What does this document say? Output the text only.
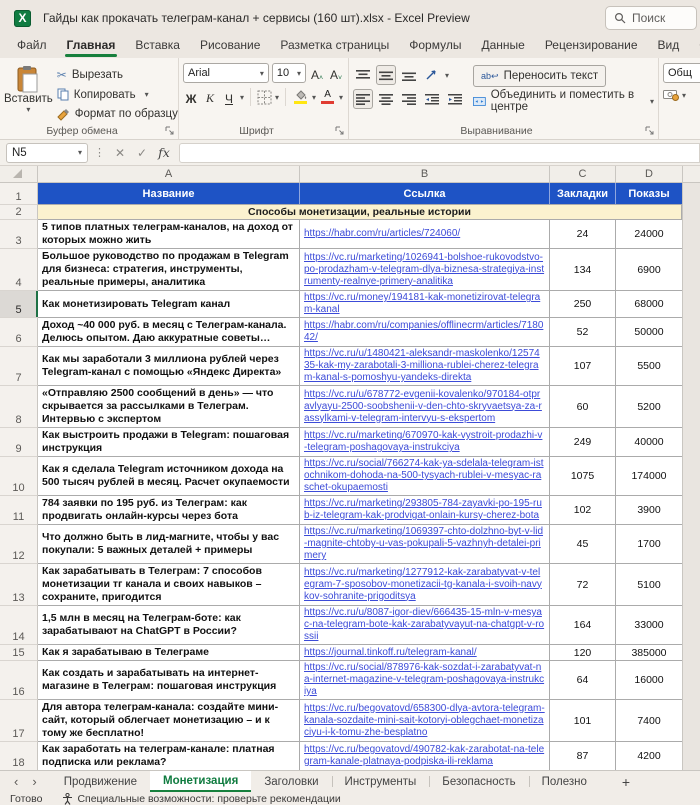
X	Гайды как прокачать телеграм-канал + сервисы (160 шт).xlsx - Excel Preview	Поиск
Файл	Главная	Вставка	Рисование	Разметка страницы	Формулы	Данные	Рецензирование	Вид
Вставить
▾
✂ Вырезать
Копировать ▾
Формат по образцу
Буфер обмена
Arial	▾ 10 ▾ $А_˄$ $А_˅$
Ж К Ч ▾	▾	▾ А ▾
Шрифт
▾	ab↩ Переносить текст
Объединить и поместить в центре	▾
Выравнивание
Общ
▾
N5	▾ ⋮ ✕ ✓ fx
A	B	C	D
1	Название	Ссылка	Закладки	Показы
2	Способы монетизации, реальные истории
3
5 типов платных телеграм-каналов, на доход от которых можно жить
https://habr.com/ru/articles/724060/	24	24000
4
Большое руководство по продажам в Telegram для бизнеса: стратегия, инструменты, реальные примеры, аналитика
https://vc.ru/marketing/1026941-bolshoe-rukovodstvo-po-prodazham-v-telegram-dlya-biznesa-strategiya-instrumenty-realnye-primery-analitika
134	6900
5
Как монетизировать Telegram канал	https://vc.ru/money/194181-kak-monetizirovat-telegram-kanal	250	68000
6
Доход ~40 000 руб. в месяц с Телеграм-канала. Делюсь опытом. Даю аккуратные советы…
https://habr.com/ru/companies/offlinecrm/articles/718042/	52	50000
7
Как мы заработали 3 миллиона рублей через Telegram-канал с помощью «Яндекс Директа»
https://vc.ru/u/1480421-aleksandr-maskolenko/1257435-kak-my-zarabotali-3-milliona-rublei-cherez-telegram-kanal-s-pomoshyu-yandeks-direkta
107	5500
8
«Отправляю 2500 сообщений в день» — что скрывается за рассылками в Телеграм. Интервью с экспертом
https://vc.ru/u/678772-evgenii-kovalenko/970184-otpravlyayu-2500-soobshenii-v-den-chto-skryvaetsya-za-rassylkami-v-telegram-intervyu-s-ekspertom
60	5200
9
Как выстроить продажи в Telegram: пошаговая инструкция
https://vc.ru/marketing/670970-kak-vystroit-prodazhi-v-telegram-poshagovaya-instrukciya	249	40000
10
Как я сделала Telegram источником дохода на 500 тысяч рублей в месяц. Расчет окупаемости
https://vc.ru/social/766274-kak-ya-sdelala-telegram-istochnikom-dohoda-na-500-tysyach-rublei-v-mesyac-raschet-okupaemosti
1075	174000
11
784 заявки по 195 руб. из Телеграм: как продвигать онлайн-курсы через бота
https://vc.ru/marketing/293805-784-zayavki-po-195-rub-iz-telegram-kak-prodvigat-onlain-kursy-cherez-bota	102	3900
12
Что должно быть в лид-магните, чтобы у вас покупали: 5 важных деталей + примеры
https://vc.ru/marketing/1069397-chto-dolzhno-byt-v-lid-magnite-chtoby-u-vas-pokupali-5-vazhnyh-detalei-primery
45	1700
13
Как зарабатывать в Телеграм: 7 способов монетизации тг канала и своих навыков – сохраните, пригодится
https://vc.ru/marketing/1277912-kak-zarabatyvat-v-telegram-7-sposobov-monetizacii-tg-kanala-i-svoih-navykov-sohranite-prigoditsya
72	5100
14
1,5 млн в месяц на Телеграм-боте: как зарабатывают на ChatGPT в России?
https://vc.ru/u/8087-igor-diev/666435-15-mln-v-mesyac-na-telegram-bote-kak-zarabatyvayut-na-chatgpt-v-rossii
164	33000
15	Как я зарабатываю в Телеграме	https://journal.tinkoff.ru/telegram-kanal/	120	385000
16
Как создать и зарабатывать на интернет-магазине в Телеграм: пошаговая инструкция
https://vc.ru/social/878976-kak-sozdat-i-zarabatyvat-na-internet-magazine-v-telegram-poshagovaya-instrukciya
64	16000
17
Для автора телеграм-канала: создайте мини-сайт, который облегчает монетизацию – и к тому же бесплатно!
https://vc.ru/begovatovd/658300-dlya-avtora-telegram-kanala-sozdaite-mini-sait-kotoryi-oblegchaet-monetizaciyu-i-k-tomu-zhe-besplatno
101	7400
18
Как заработать на телеграм-канале: платная подписка или реклама?
https://vc.ru/begovatovd/490782-kak-zarabotat-na-telegram-kanale-platnaya-podpiska-ili-reklama	87	4200
‹ ›	Продвижение	Монетизация	Заголовки	Инструменты	Безопасность	Полезно	+
Готово	Специальные возможности: проверьте рекомендации
